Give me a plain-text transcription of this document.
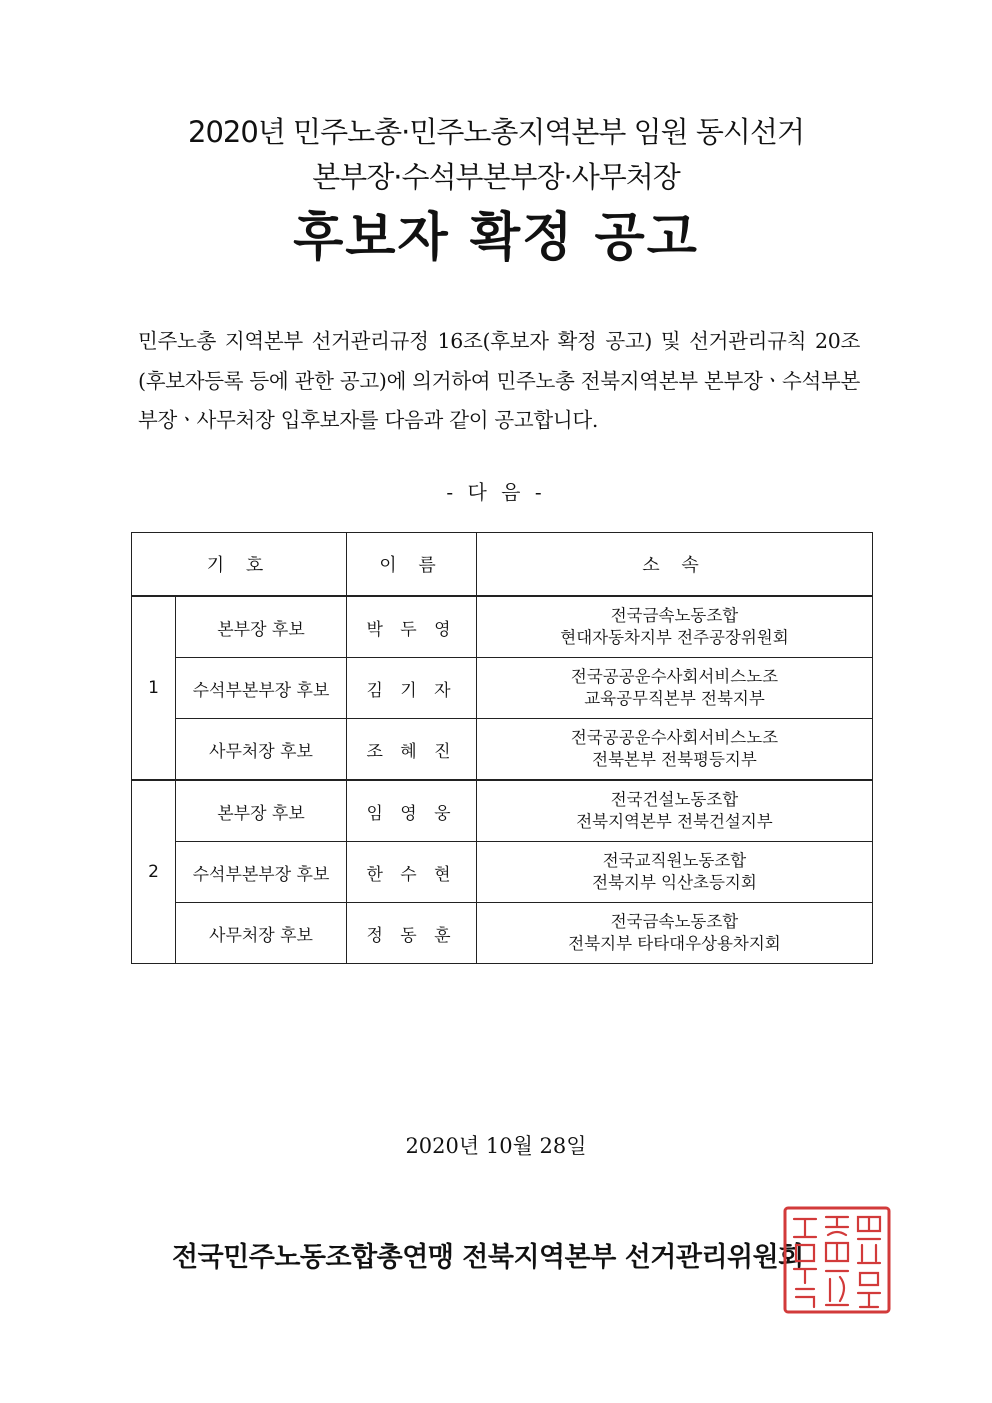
2020년 민주노총·민주노총지역본부 임원 동시선거
본부장·수석부본부장·사무처장
후보자 확정 공고
민주노총 지역본부 선거관리규정 16조(후보자 확정 공고) 및 선거관리규칙 20조(후보자등록 등에 관한 공고)에 의거하여 민주노총 전북지역본부 본부장ㆍ수석부본부장ㆍ사무처장 입후보자를 다음과 같이 공고합니다.
- 다 음 -
기 호		이 름	소 속
1	본부장 후보	박 두 영	전국금속노동조합
현대자동차지부 전주공장위원회

	수석부본부장 후보	김 기 자	전국공공운수사회서비스노조
교육공무직본부 전북지부

	사무처장 후보	조 혜 진	전국공공운수사회서비스노조
전북본부 전북평등지부

2	본부장 후보	임 영 웅	전국건설노동조합
전북지역본부 전북건설지부

	수석부본부장 후보	한 수 현	전국교직원노동조합
전북지부 익산초등지회

	사무처장 후보	정 동 훈	전국금속노동조합
전북지부 타타대우상용차지회
2020년 10월 28일
전국민주노동조합총연맹 전북지역본부 선거관리위원회
